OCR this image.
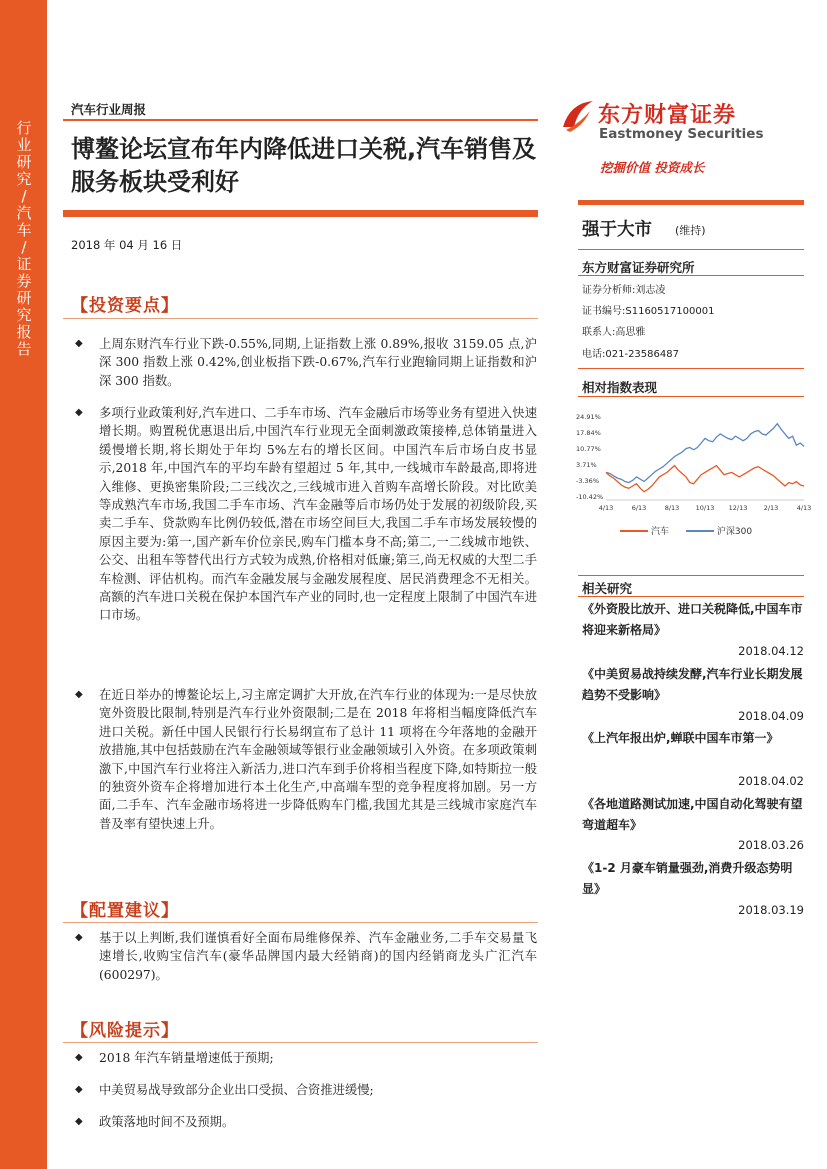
行
业
研
究
/
汽
车
/
证
券
研
究
报
告
汽车行业周报
博鳌论坛宣布年内降低进口关税,汽车销售及服务板块受利好
2018 年 04 月 16 日
【投资要点】
◆ 上周东财汽车行业下跌-0.55%,同期,上证指数上涨 0.89%,报收 3159.05 点,沪深 300 指数上涨 0.42%,创业板指下跌-0.67%,汽车行业跑输同期上证指数和沪深 300 指数。
◆ 多项行业政策利好,汽车进口、二手车市场、汽车金融后市场等业务有望进入快速增长期。购置税优惠退出后,中国汽车行业现无全面刺激政策接棒,总体销量进入缓慢增长期,将长期处于年均 5%左右的增长区间。中国汽车后市场白皮书显示,2018 年,中国汽车的平均车龄有望超过 5 年,其中,一线城市车龄最高,即将进入维修、更换密集阶段;二三线次之,三线城市进入首购车高增长阶段。对比欧美等成熟汽车市场,我国二手车市场、汽车金融等后市场仍处于发展的初级阶段,买卖二手车、贷款购车比例仍较低,潜在市场空间巨大,我国二手车市场发展较慢的原因主要为:第一,国产新车价位亲民,购车门槛本身不高;第二,一二线城市地铁、公交、出租车等替代出行方式较为成熟,价格相对低廉;第三,尚无权威的大型二手车检测、评估机构。而汽车金融发展与金融发展程度、居民消费理念不无相关。高额的汽车进口关税在保护本国汽车产业的同时,也一定程度上限制了中国汽车进口市场。
◆ 在近日举办的博鳌论坛上,习主席定调扩大开放,在汽车行业的体现为:一是尽快放宽外资股比限制,特别是汽车行业外资限制;二是在 2018 年将相当幅度降低汽车进口关税。新任中国人民银行行长易纲宣布了总计 11 项将在今年落地的金融开放措施,其中包括鼓励在汽车金融领域等银行业金融领域引入外资。在多项政策刺激下,中国汽车行业将注入新活力,进口汽车到手价将相当程度下降,如特斯拉一般的独资外资车企将增加进行本土化生产,中高端车型的竞争程度将加剧。另一方面,二手车、汽车金融市场将进一步降低购车门槛,我国尤其是三线城市家庭汽车普及率有望快速上升。
【配置建议】
◆ 基于以上判断,我们谨慎看好全面布局维修保养、汽车金融业务,二手车交易量飞速增长,收购宝信汽车(豪华品牌国内最大经销商)的国内经销商龙头广汇汽车(600297)。
【风险提示】
◆ 2018 年汽车销量增速低于预期;
◆ 中美贸易战导致部分企业出口受损、合资推进缓慢;
◆ 政策落地时间不及预期。
东方财富证券
Eastmoney Securities
挖掘价值 投资成长
强于大市 (维持)
东方财富证券研究所
证券分析师:刘志凌
证书编号:S1160517100001
联系人:高思雅
电话:021-23586487
相对指数表现
24.91%
17.84%
10.77%
3.71%
-3.36%
-10.42%
4/13	6/13	8/13	10/13 12/13	2/13	4/13
汽车
	沪深300
相关研究
《外资股比放开、进口关税降低,中国车市将迎来新格局》
2018.04.12
《中美贸易战持续发酵,汽车行业长期发展趋势不受影响》
2018.04.09
《上汽年报出炉,蝉联中国车市第一》
2018.04.02
《各地道路测试加速,中国自动化驾驶有望弯道超车》
2018.03.26
《1-2 月豪车销量强劲,消费升级态势明显》
2018.03.19
